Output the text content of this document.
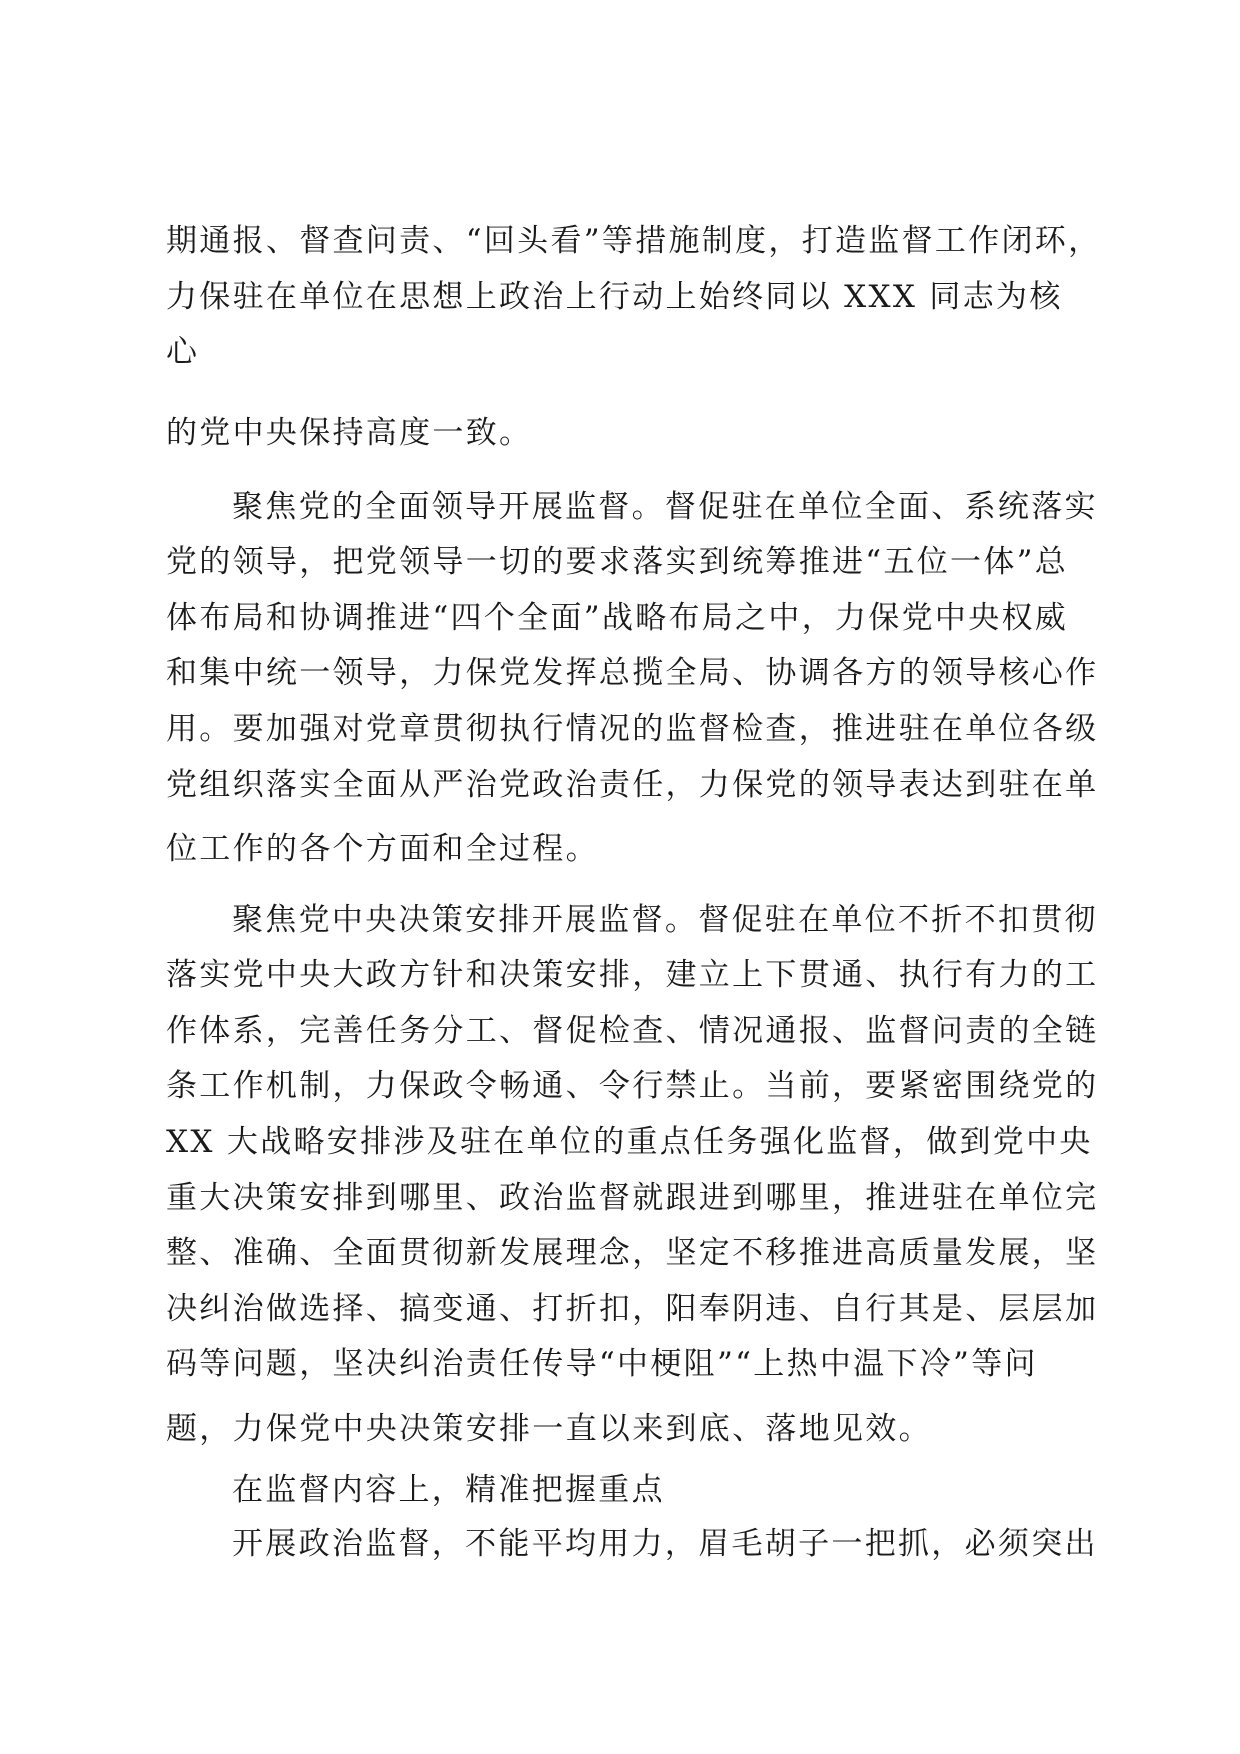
期通报、督查问责、“回头看”等措施制度，打造监督工作闭环，
力保驻在单位在思想上政治上行动上始终同以 XXX 同志为核
心
的党中央保持高度一致。
聚焦党的全面领导开展监督。督促驻在单位全面、系统落实
党的领导，把党领导一切的要求落实到统筹推进“五位一体”总
体布局和协调推进“四个全面”战略布局之中，力保党中央权威
和集中统一领导，力保党发挥总揽全局、协调各方的领导核心作
用。要加强对党章贯彻执行情况的监督检查，推进驻在单位各级
党组织落实全面从严治党政治责任，力保党的领导表达到驻在单
位工作的各个方面和全过程。
聚焦党中央决策安排开展监督。督促驻在单位不折不扣贯彻
落实党中央大政方针和决策安排，建立上下贯通、执行有力的工
作体系，完善任务分工、督促检查、情况通报、监督问责的全链
条工作机制，力保政令畅通、令行禁止。当前，要紧密围绕党的
XX 大战略安排涉及驻在单位的重点任务强化监督，做到党中央
重大决策安排到哪里、政治监督就跟进到哪里，推进驻在单位完
整、准确、全面贯彻新发展理念，坚定不移推进高质量发展，坚
决纠治做选择、搞变通、打折扣，阳奉阴违、自行其是、层层加
码等问题，坚决纠治责任传导“中梗阻”“上热中温下冷”等问
题，力保党中央决策安排一直以来到底、落地见效。
在监督内容上，精准把握重点
开展政治监督，不能平均用力，眉毛胡子一把抓，必须突出
